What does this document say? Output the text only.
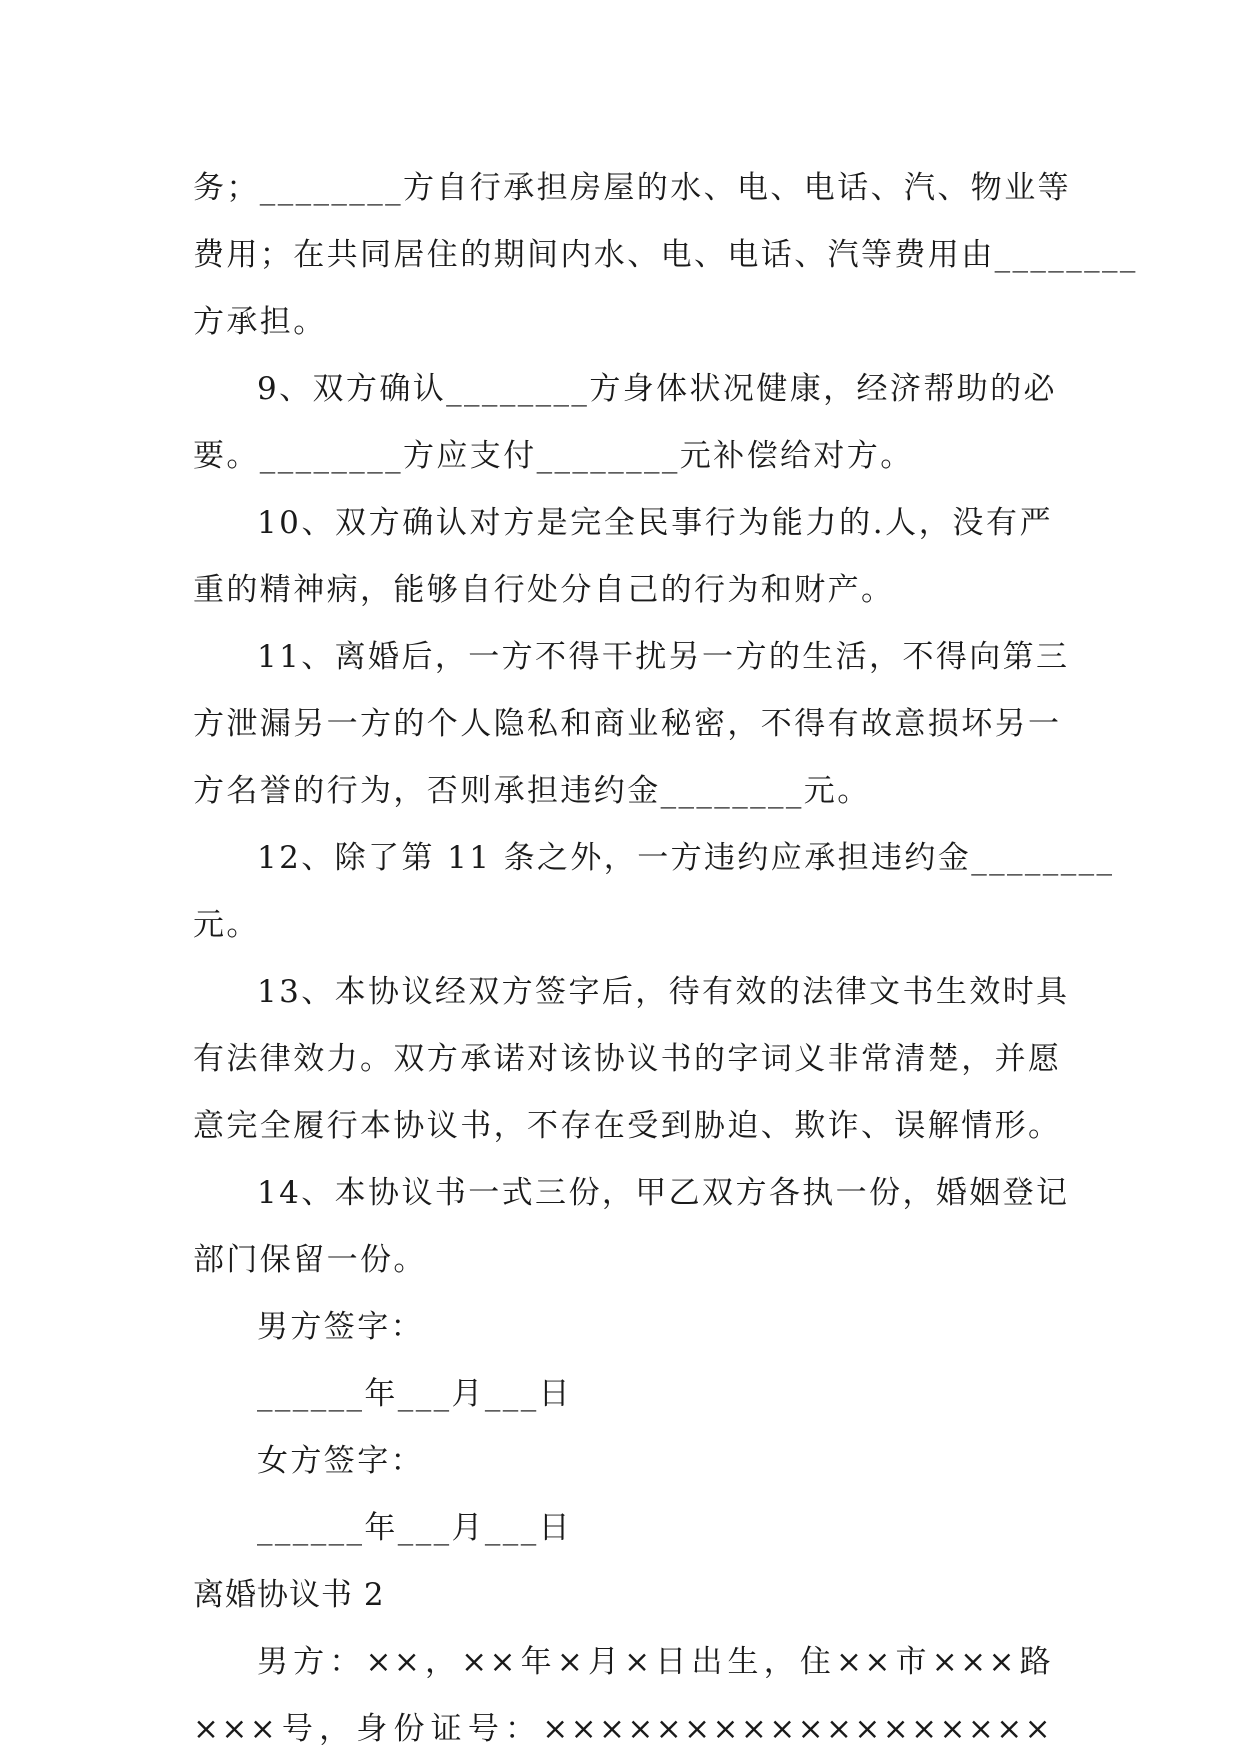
务；________方自行承担房屋的水、电、电话、汽、物业等
费用；在共同居住的期间内水、电、电话、汽等费用由________
方承担。
9、双方确认________方身体状况健康，经济帮助的必
要。________方应支付________元补偿给对方。
10、双方确认对方是完全民事行为能力的.人，没有严
重的精神病，能够自行处分自己的行为和财产。
11、离婚后，一方不得干扰另一方的生活，不得向第三
方泄漏另一方的个人隐私和商业秘密，不得有故意损坏另一
方名誉的行为，否则承担违约金________元。
12、除了第 11 条之外，一方违约应承担违约金________
元。
13、本协议经双方签字后，待有效的法律文书生效时具
有法律效力。双方承诺对该协议书的字词义非常清楚，并愿
意完全履行本协议书，不存在受到胁迫、欺诈、误解情形。
14、本协议书一式三份，甲乙双方各执一份，婚姻登记
部门保留一份。
男方签字：
______年___月___日
女方签字：
______年___月___日
离婚协议书 2
男方：××，××年×月×日出生，住××市×××路
×××号，身份证号：××××××××××××××××××
